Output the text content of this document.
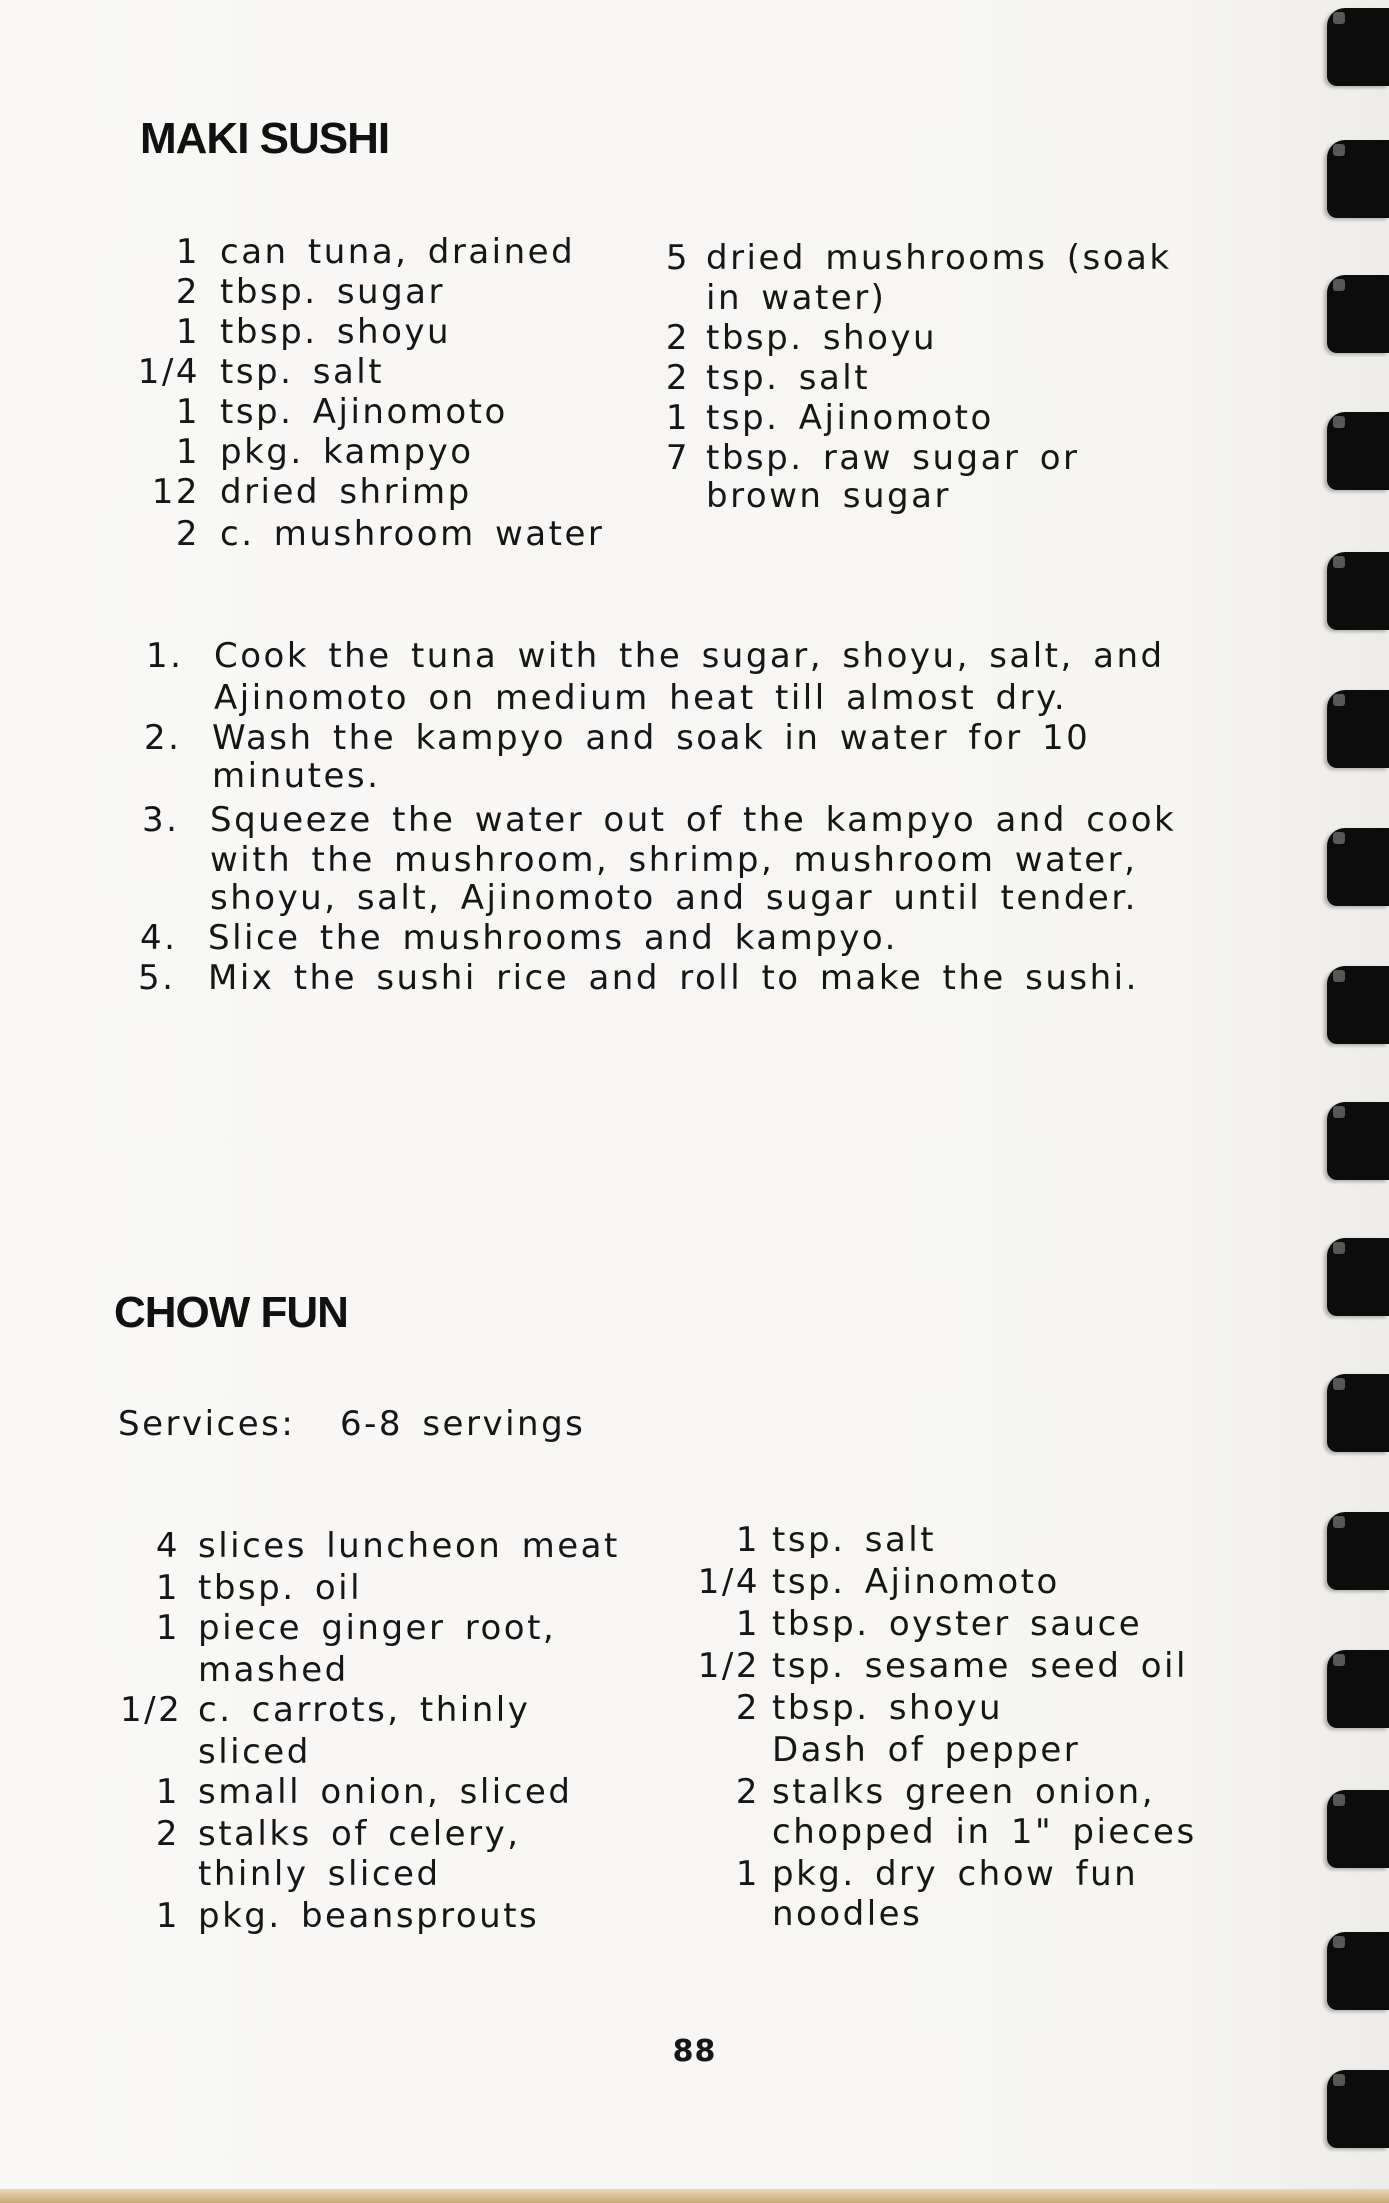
MAKI SUSHI
1 can tuna, drained
2 tbsp. sugar
1 tbsp. shoyu
1/4 tsp. salt
1 tsp. Ajinomoto
1 pkg. kampyo
12 dried shrimp
2 c. mushroom water
5 dried mushrooms (soak
in water)
2 tbsp. shoyu
2 tsp. salt
1 tsp. Ajinomoto
7 tbsp. raw sugar or
brown sugar
1. Cook the tuna with the sugar, shoyu, salt, and
Ajinomoto on medium heat till almost dry.
2. Wash the kampyo and soak in water for 10
minutes.
3. Squeeze the water out of the kampyo and cook
with the mushroom, shrimp, mushroom water,
shoyu, salt, Ajinomoto and sugar until tender.
4. Slice the mushrooms and kampyo.
5. Mix the sushi rice and roll to make the sushi.
CHOW FUN
Services: 6-8 servings
4 slices luncheon meat
1 tbsp. oil
1 piece ginger root,
mashed
1/2 c. carrots, thinly
sliced
1 small onion, sliced
2 stalks of celery,
thinly sliced
1 pkg. beansprouts
1 tsp. salt
1/4 tsp. Ajinomoto
1 tbsp. oyster sauce
1/2 tsp. sesame seed oil
2 tbsp. shoyu
Dash of pepper
2 stalks green onion,
chopped in 1" pieces
1 pkg. dry chow fun
noodles
88
